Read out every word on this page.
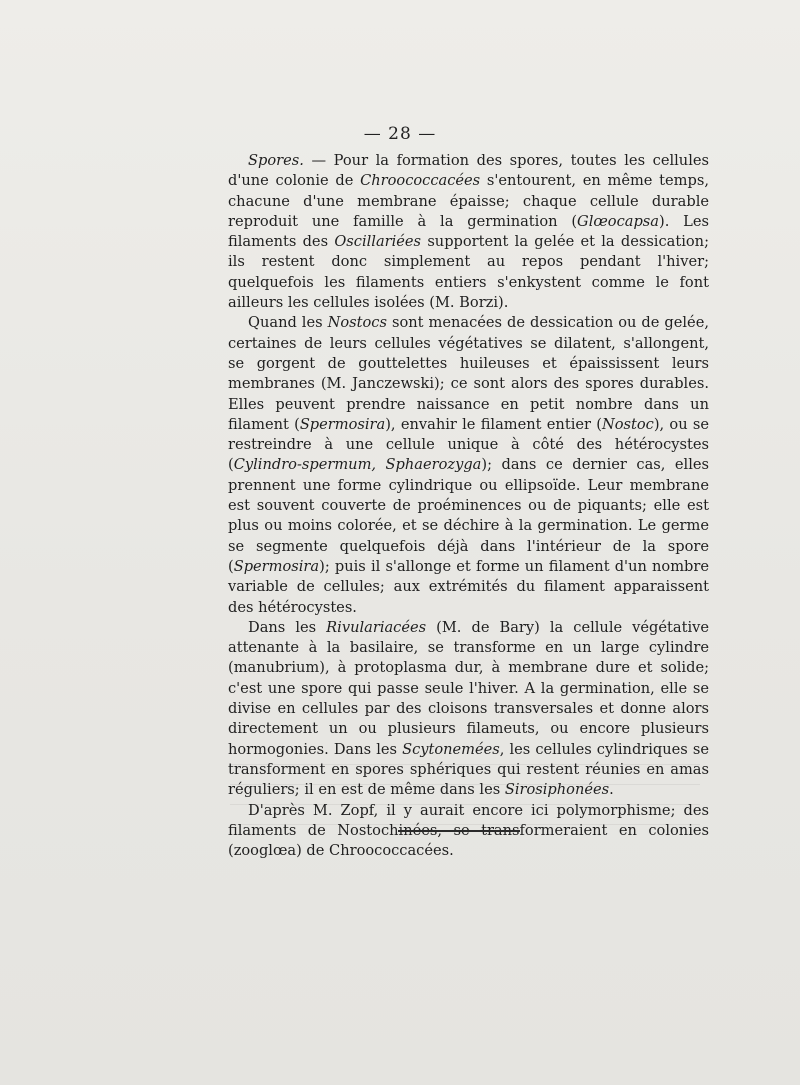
— 28 —

Spores. — Pour la formation des spores, toutes les cellules d'une colonie de Chroococcacées s'entourent, en même temps, chacune d'une membrane épaisse; chaque cellule durable reproduit une famille à la germination (Glœocapsa). Les filaments des Oscillariées supportent la gelée et la dessication; ils restent donc simplement au repos pendant l'hiver; quelquefois les filaments entiers s'enkystent comme le font ailleurs les cellules isolées (M. Borzi).

Quand les Nostocs sont menacées de dessication ou de gelée, certaines de leurs cellules végétatives se dilatent, s'allongent, se gorgent de gouttelettes huileuses et épaississent leurs membranes (M. Janczewski); ce sont alors des spores durables. Elles peuvent prendre naissance en petit nombre dans un filament (Spermosira), envahir le filament entier (Nostoc), ou se restreindre à une cellule unique à côté des hétérocystes (Cylindro-spermum, Sphaerozyga); dans ce dernier cas, elles prennent une forme cylindrique ou ellipsoïde. Leur membrane est souvent couverte de proéminences ou de piquants; elle est plus ou moins colorée, et se déchire à la germination. Le germe se segmente quelquefois déjà dans l'intérieur de la spore (Spermosira); puis il s'allonge et forme un filament d'un nombre variable de cellules; aux extrémités du filament apparaissent des hétérocystes.

Dans les Rivulariacées (M. de Bary) la cellule végétative attenante à la basilaire, se transforme en un large cylindre (manubrium), à protoplasma dur, à membrane dure et solide; c'est une spore qui passe seule l'hiver. A la germination, elle se divise en cellules par des cloisons transversales et donne alors directement un ou plusieurs filameuts, ou encore plusieurs hormogonies. Dans les Scytonemées, les cellules cylindriques se transforment en spores sphériques qui restent réunies en amas réguliers; il en est de même dans les Sirosiphonées.

D'après M. Zopf, il y aurait encore ici polymorphisme; des filaments de Nostochinées, se transformeraient en colonies (zooglœa) de Chroococcacées.
